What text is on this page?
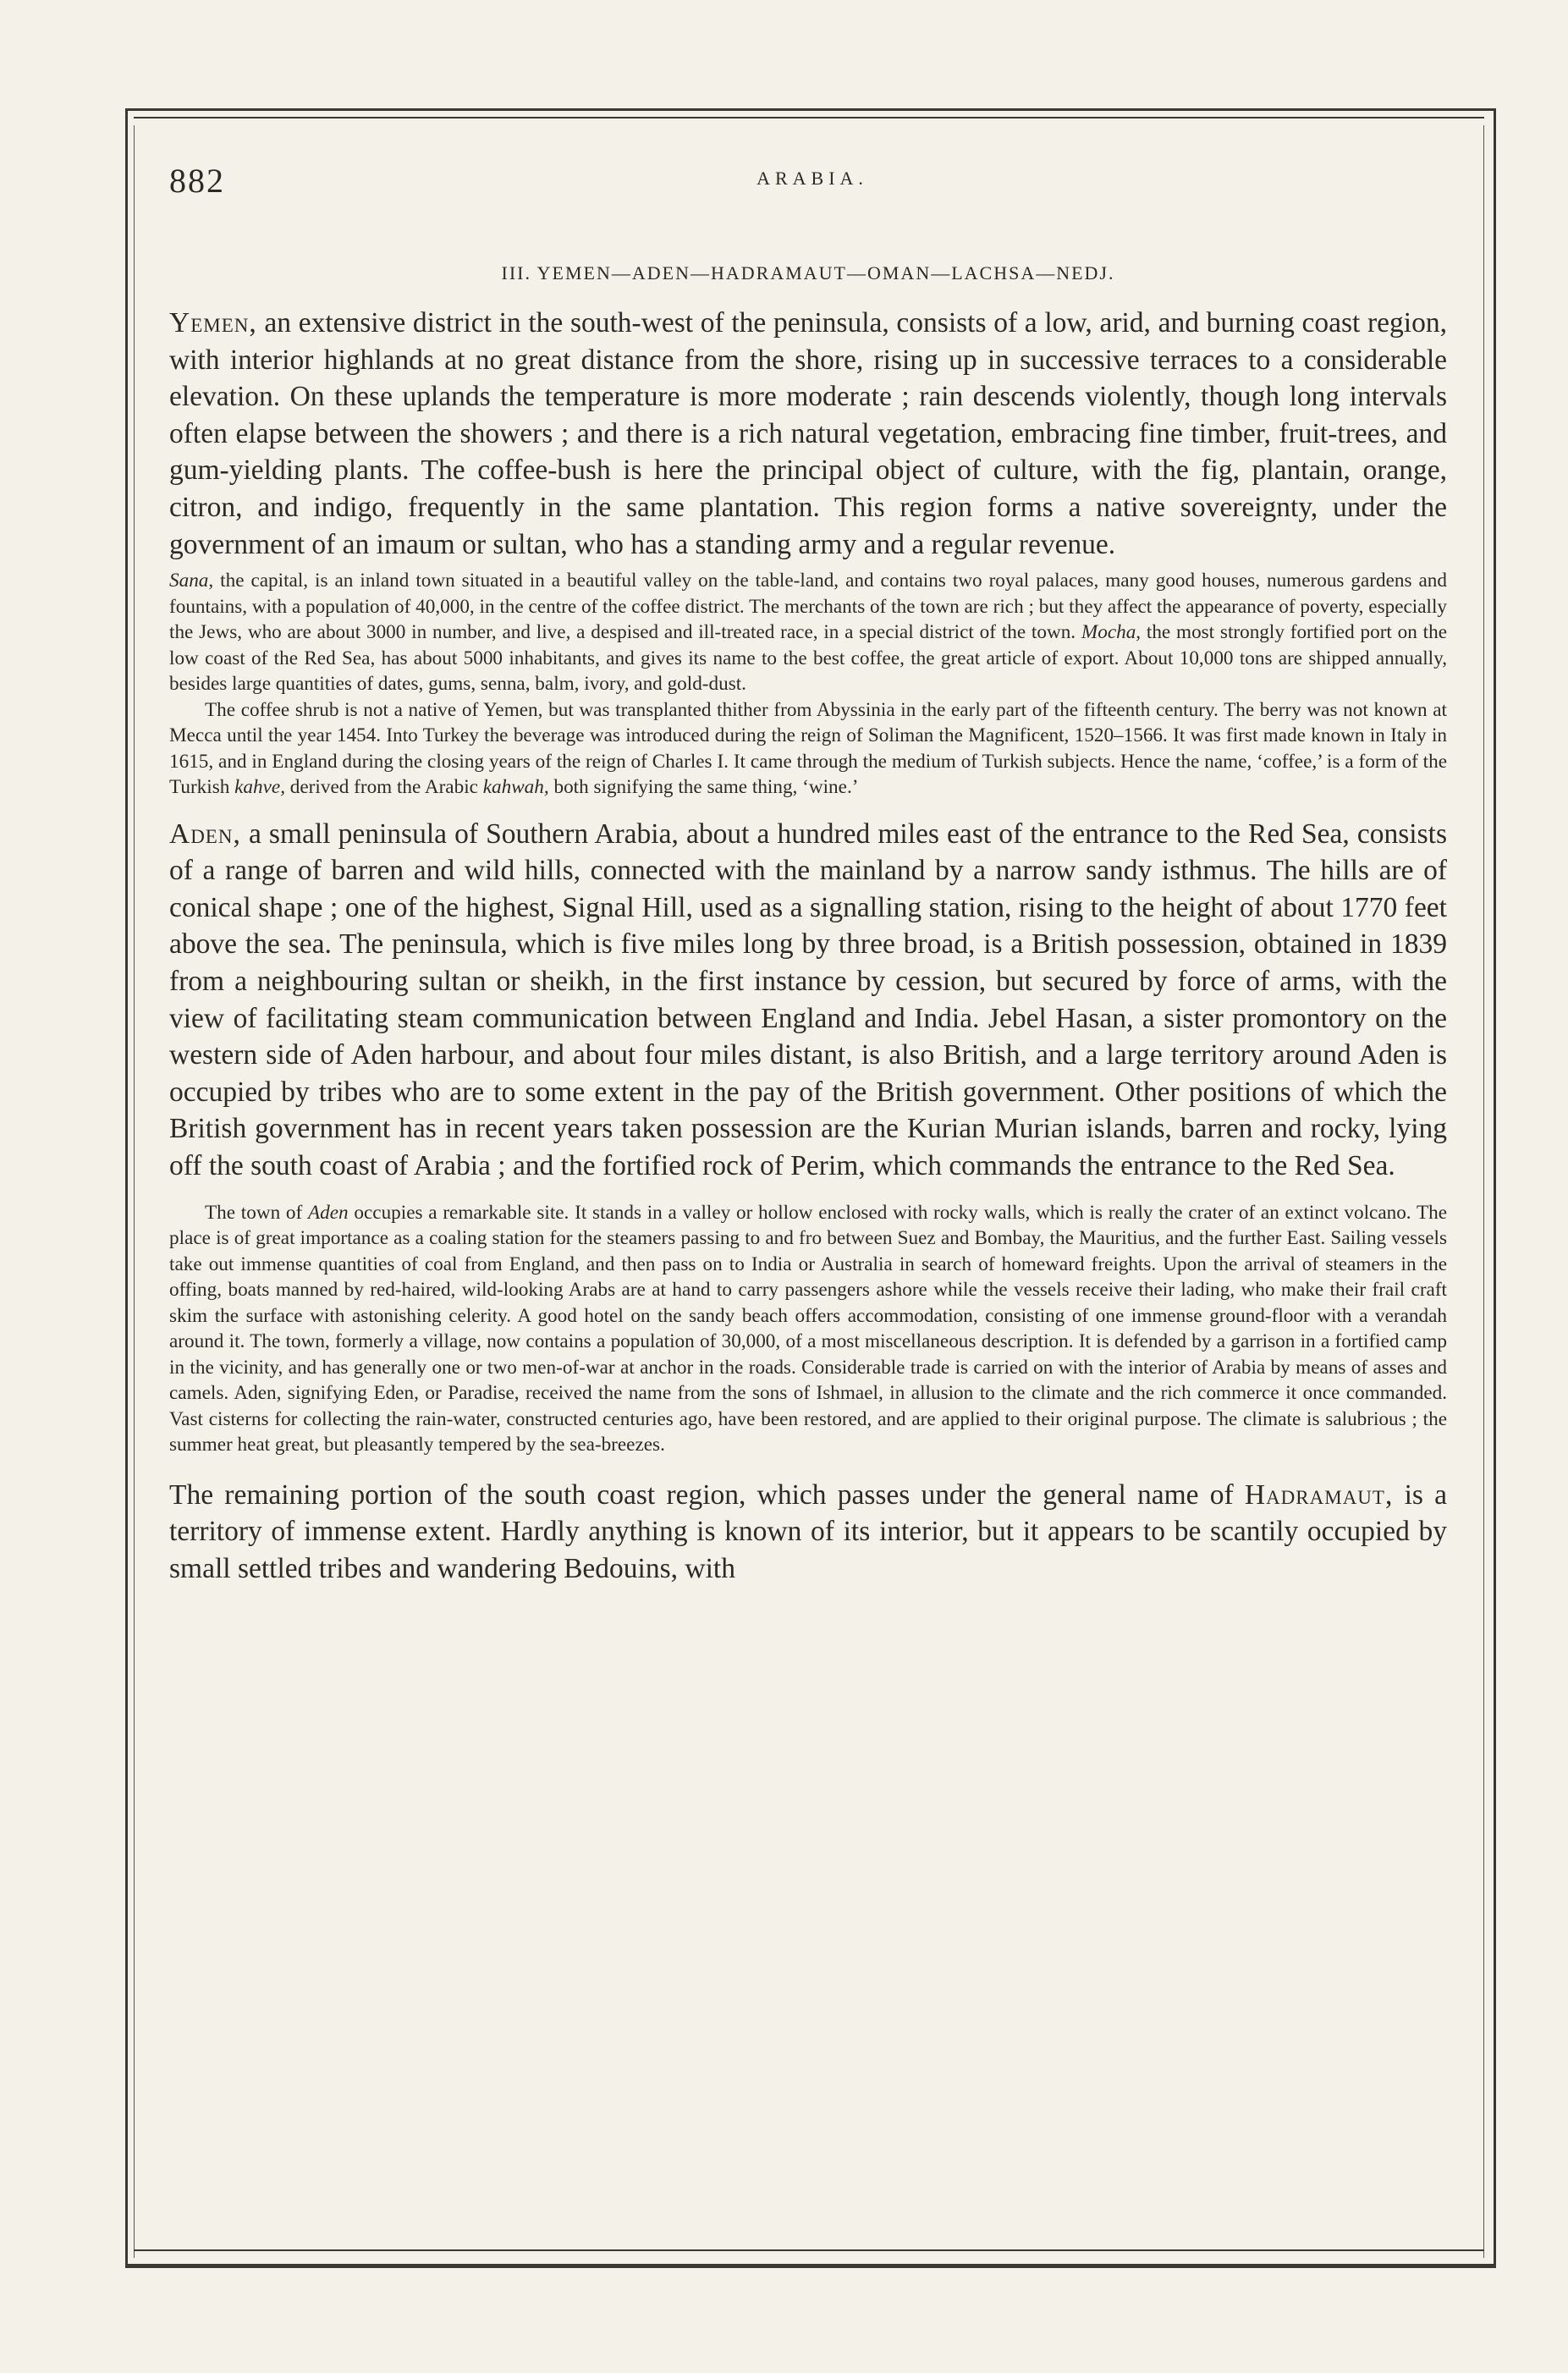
882	ARABIA.
III. YEMEN—ADEN—HADRAMAUT—OMAN—LACHSA—NEDJ.

Yemen, an extensive district in the south-west of the peninsula, consists of a low, arid, and burning coast region, with interior highlands at no great distance from the shore, rising up in successive terraces to a considerable elevation. On these uplands the temperature is more moderate ; rain descends violently, though long intervals often elapse between the showers ; and there is a rich natural vegetation, embracing fine timber, fruit-trees, and gum-yielding plants. The coffee-bush is here the principal object of culture, with the fig, plantain, orange, citron, and indigo, frequently in the same plantation. This region forms a native sovereignty, under the government of an imaum or sultan, who has a standing army and a regular revenue.

Sana, the capital, is an inland town situated in a beautiful valley on the table-land, and contains two royal palaces, many good houses, numerous gardens and fountains, with a population of 40,000, in the centre of the coffee district. The merchants of the town are rich ; but they affect the appearance of poverty, especially the Jews, who are about 3000 in number, and live, a despised and ill-treated race, in a special district of the town. Mocha, the most strongly fortified port on the low coast of the Red Sea, has about 5000 inhabitants, and gives its name to the best coffee, the great article of export. About 10,000 tons are shipped annually, besides large quantities of dates, gums, senna, balm, ivory, and gold-dust.

The coffee shrub is not a native of Yemen, but was transplanted thither from Abyssinia in the early part of the fifteenth century. The berry was not known at Mecca until the year 1454. Into Turkey the beverage was introduced during the reign of Soliman the Magnificent, 1520–1566. It was first made known in Italy in 1615, and in England during the closing years of the reign of Charles I. It came through the medium of Turkish subjects. Hence the name, ‘coffee,’ is a form of the Turkish kahve, derived from the Arabic kahwah, both signifying the same thing, ‘wine.’

Aden, a small peninsula of Southern Arabia, about a hundred miles east of the entrance to the Red Sea, consists of a range of barren and wild hills, connected with the mainland by a narrow sandy isthmus. The hills are of conical shape ; one of the highest, Signal Hill, used as a signalling station, rising to the height of about 1770 feet above the sea. The peninsula, which is five miles long by three broad, is a British possession, obtained in 1839 from a neighbouring sultan or sheikh, in the first instance by cession, but secured by force of arms, with the view of facilitating steam communication between England and India. Jebel Hasan, a sister promontory on the western side of Aden harbour, and about four miles distant, is also British, and a large territory around Aden is occupied by tribes who are to some extent in the pay of the British government. Other positions of which the British government has in recent years taken possession are the Kurian Murian islands, barren and rocky, lying off the south coast of Arabia ; and the fortified rock of Perim, which commands the entrance to the Red Sea.

The town of Aden occupies a remarkable site. It stands in a valley or hollow enclosed with rocky walls, which is really the crater of an extinct volcano. The place is of great importance as a coaling station for the steamers passing to and fro between Suez and Bombay, the Mauritius, and the further East. Sailing vessels take out immense quantities of coal from England, and then pass on to India or Australia in search of homeward freights. Upon the arrival of steamers in the offing, boats manned by red-haired, wild-looking Arabs are at hand to carry passengers ashore while the vessels receive their lading, who make their frail craft skim the surface with astonishing celerity. A good hotel on the sandy beach offers accommodation, consisting of one immense ground-floor with a verandah around it. The town, formerly a village, now contains a population of 30,000, of a most miscellaneous description. It is defended by a garrison in a fortified camp in the vicinity, and has generally one or two men-of-war at anchor in the roads. Considerable trade is carried on with the interior of Arabia by means of asses and camels. Aden, signifying Eden, or Paradise, received the name from the sons of Ishmael, in allusion to the climate and the rich commerce it once commanded. Vast cisterns for collecting the rain-water, constructed centuries ago, have been restored, and are applied to their original purpose. The climate is salubrious ; the summer heat great, but pleasantly tempered by the sea-breezes.

The remaining portion of the south coast region, which passes under the general name of Hadramaut, is a territory of immense extent. Hardly anything is known of its interior, but it appears to be scantily occupied by small settled tribes and wandering Bedouins, with
